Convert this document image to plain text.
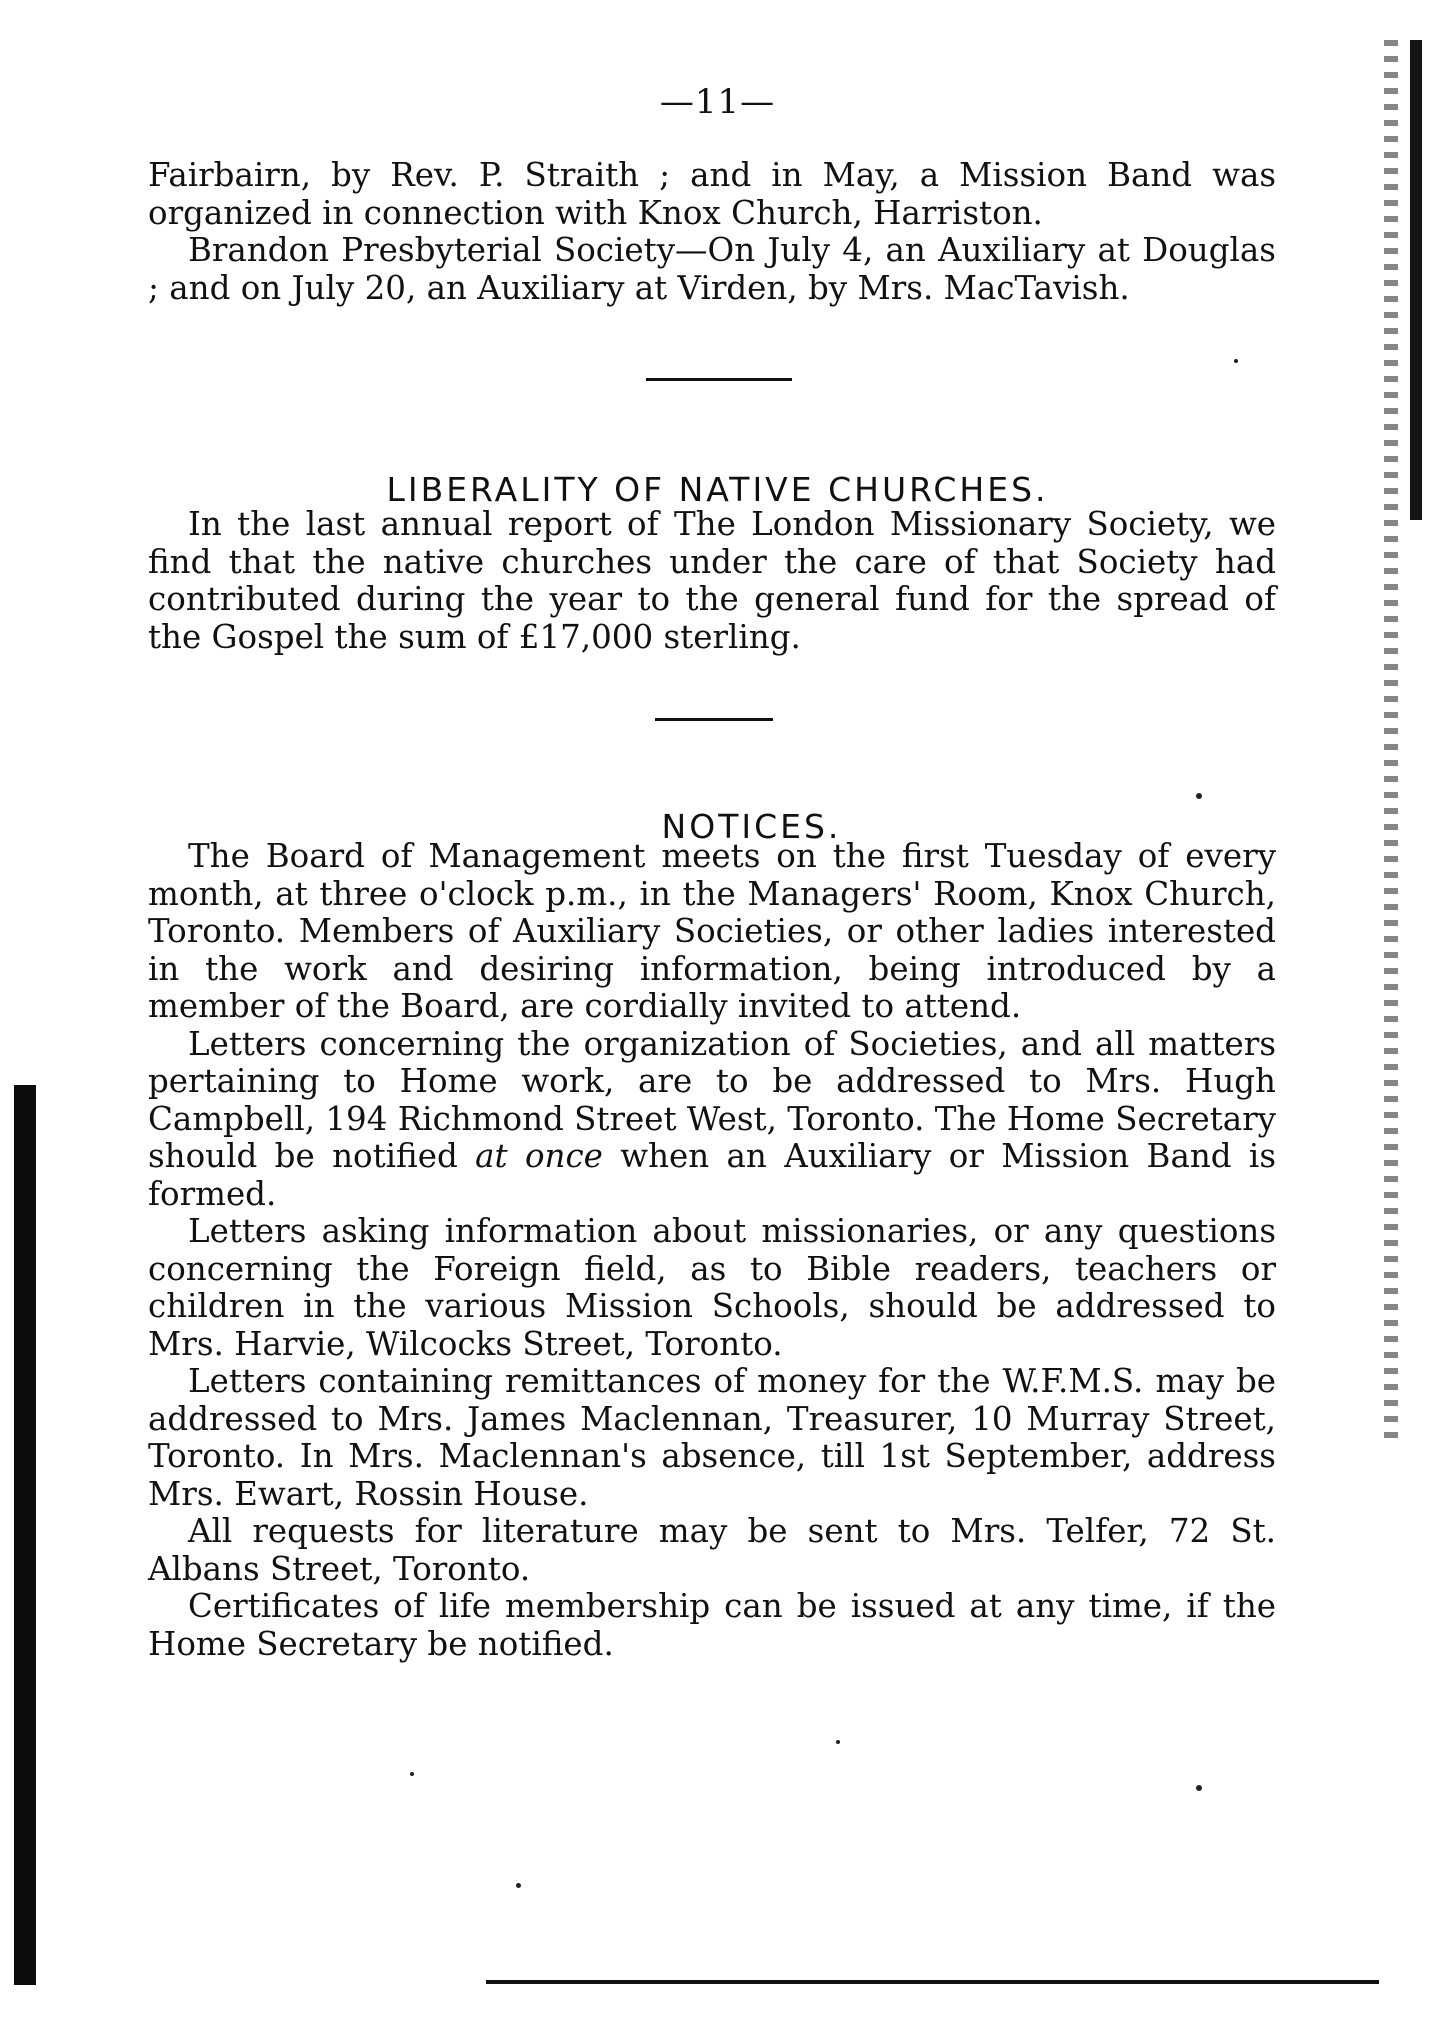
—11—

Fairbairn, by Rev. P. Straith ; and in May, a Mission Band was organized in connection with Knox Church, Harriston.

Brandon Presbyterial Society—On July 4, an Auxiliary at Douglas ; and on July 20, an Auxiliary at Virden, by Mrs. MacTavish.

LIBERALITY OF NATIVE CHURCHES.

In the last annual report of The London Missionary Society, we find that the native churches under the care of that Society had contributed during the year to the general fund for the spread of the Gospel the sum of £17,000 sterling.

NOTICES.

The Board of Management meets on the first Tuesday of every month, at three o'clock p.m., in the Managers' Room, Knox Church, Toronto. Members of Auxiliary Societies, or other ladies interested in the work and desiring information, being introduced by a member of the Board, are cordially invited to attend.

Letters concerning the organization of Societies, and all matters pertaining to Home work, are to be addressed to Mrs. Hugh Campbell, 194 Richmond Street West, Toronto. The Home Secretary should be notified at once when an Auxiliary or Mission Band is formed.

Letters asking information about missionaries, or any questions concerning the Foreign field, as to Bible readers, teachers or children in the various Mission Schools, should be addressed to Mrs. Harvie, Wilcocks Street, Toronto.

Letters containing remittances of money for the W.F.M.S. may be addressed to Mrs. James Maclennan, Treasurer, 10 Murray Street, Toronto. In Mrs. Maclennan's absence, till 1st September, address Mrs. Ewart, Rossin House.

All requests for literature may be sent to Mrs. Telfer, 72 St. Albans Street, Toronto.

Certificates of life membership can be issued at any time, if the Home Secretary be notified.
